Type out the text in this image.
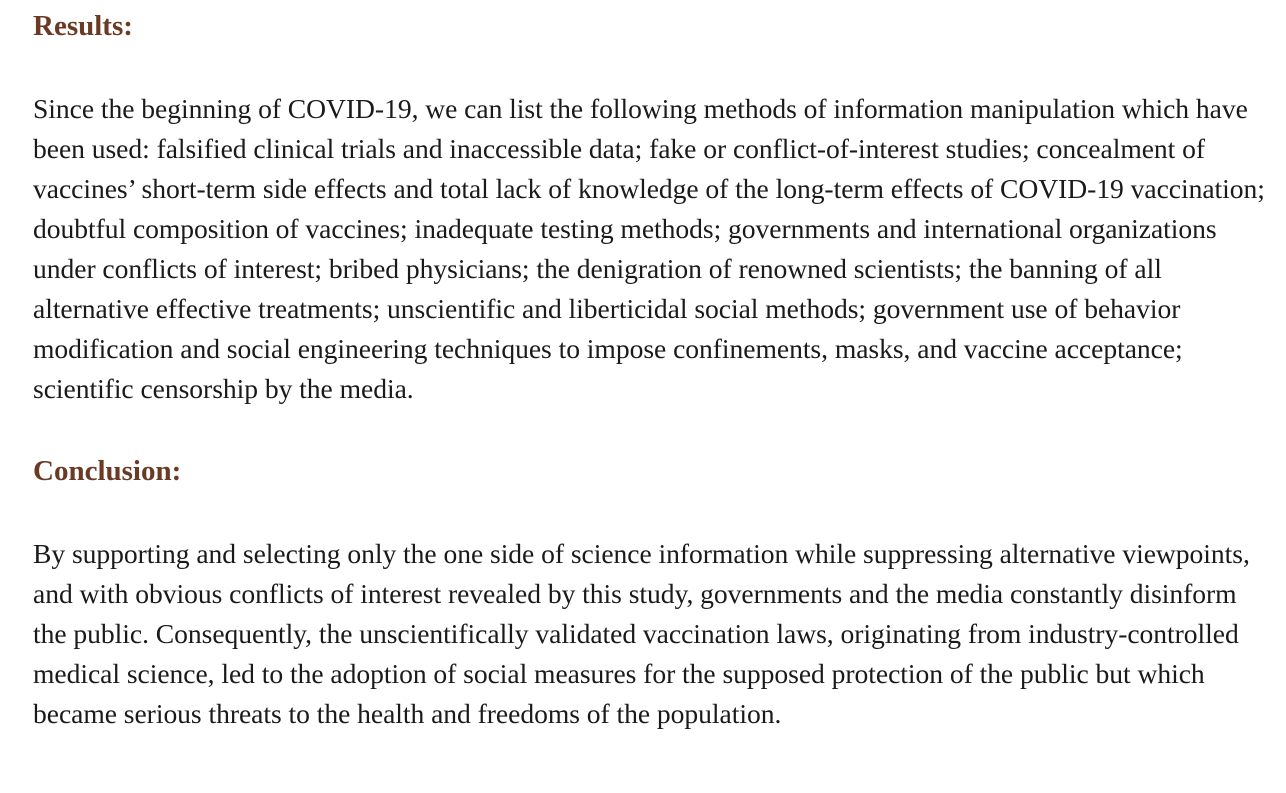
Results:

Since the beginning of COVID-19, we can list the following methods of information manipulation which have been used: falsified clinical trials and inaccessible data; fake or conflict-of-interest studies; concealment of vaccines’ short-term side effects and total lack of knowledge of the long-term effects of COVID-19 vaccination; doubtful composition of vaccines; inadequate testing methods; governments and international organizations under conflicts of interest; bribed physicians; the denigration of renowned scientists; the banning of all alternative effective treatments; unscientific and liberticidal social methods; government use of behavior modification and social engineering techniques to impose confinements, masks, and vaccine acceptance; scientific censorship by the media.

Conclusion:

By supporting and selecting only the one side of science information while suppressing alternative viewpoints, and with obvious conflicts of interest revealed by this study, governments and the media constantly disinform the public. Consequently, the unscientifically validated vaccination laws, originating from industry-controlled medical science, led to the adoption of social measures for the supposed protection of the public but which became serious threats to the health and freedoms of the population.
